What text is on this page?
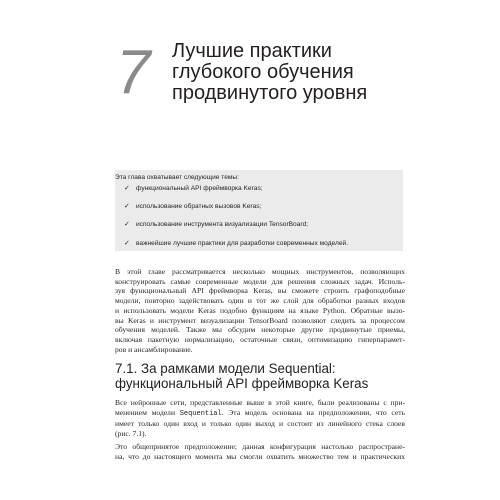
7 Лучшие практики
глубокого обучения
продвинутого уровня
Эта глава охватывает следующие темы:
✓ функциональный API фреймворка Keras;
✓ использование обратных вызовов Keras;
✓ использование инструмента визуализации TensorBoard;
✓ важнейшие лучшие практики для разработки современных моделей.
В этой главе рассматривается несколько мощных инструментов, позволяющих
конструировать самые современные модели для решения сложных задач. Исполь-
зуя функциональный API фреймворка Keras, вы сможете строить графоподобные
модели, повторно задействовать один и тот же слой для обработки разных входов
и использовать модели Keras подобно функциям на языке Python. Обратные вызо-
вы Keras и инструмент визуализации TensorBoard позволяют следить за процессом
обучения моделей. Также мы обсудим некоторые другие продвинутые приемы,
включая пакетную нормализацию, остаточные связи, оптимизацию гиперпарамет-
ров и ансамблирование.
7.1. За рамками модели Sequential:
функциональный API фреймворка Keras
Все нейронные сети, представленные выше в этой книге, были реализованы с при-
менением модели Sequential. Эта модель основана на предположении, что сеть
имеет только один вход и только один выход и состоит из линейного стека слоев
(рис. 7.1).
Это общепринятое предположение; данная конфигурация настолько распростране-
на, что до настоящего момента мы смогли охватить множество тем и практических
